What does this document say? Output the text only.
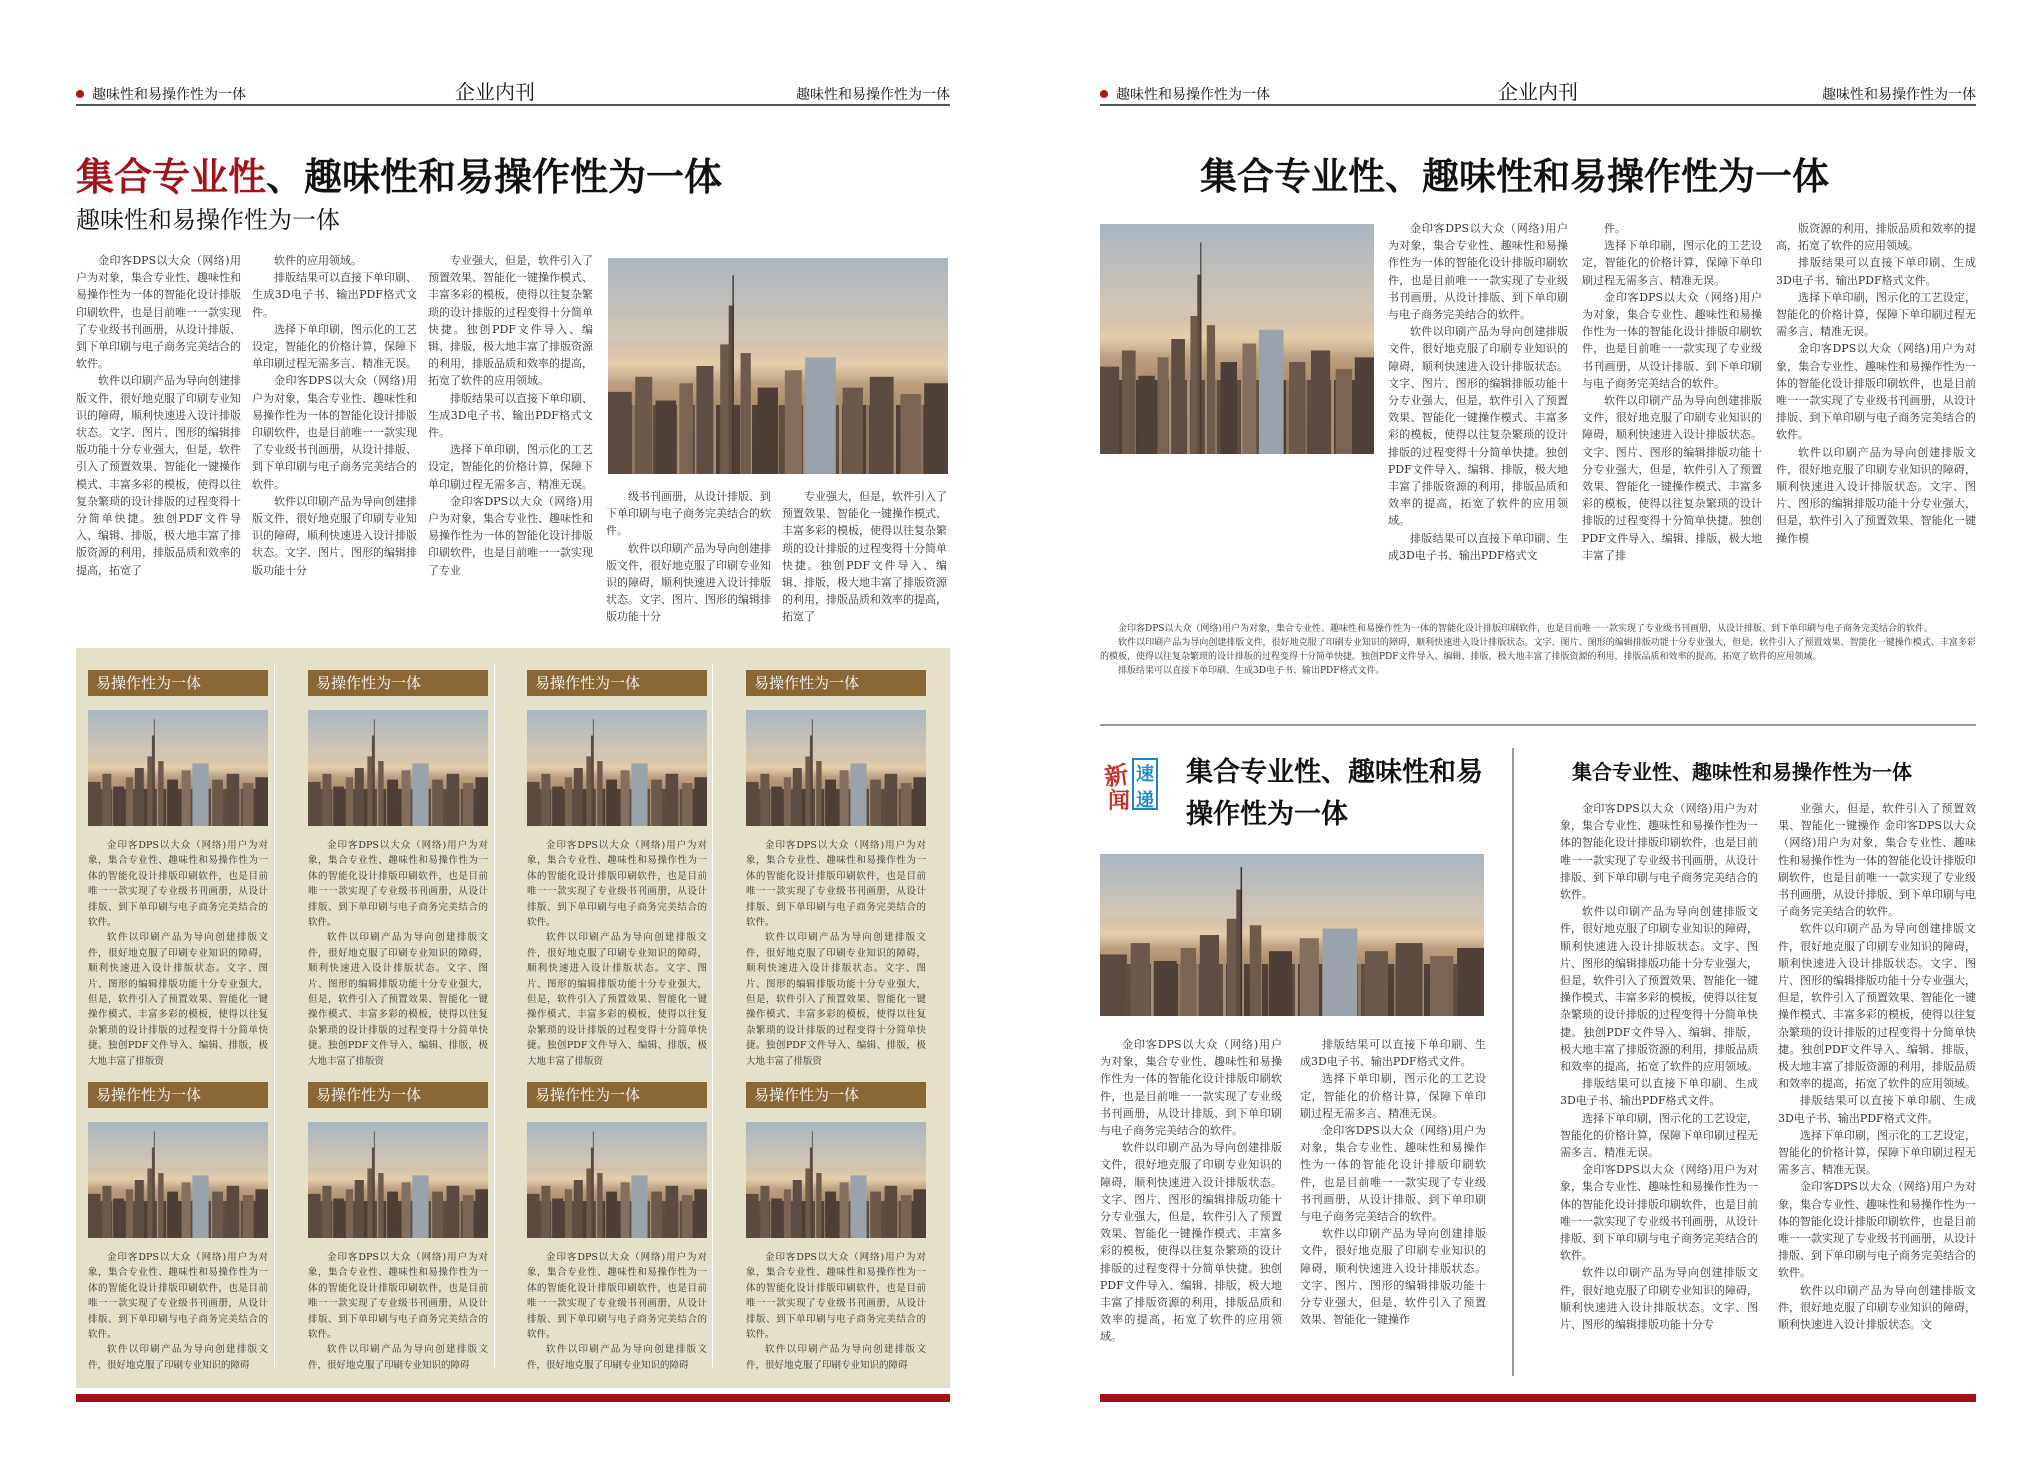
趣味性和易操作性为一体	企业内刊	趣味性和易操作性为一体
集合专业性、趣味性和易操作性为一体
趣味性和易操作性为一体

金印客DPS以大众（网络)用户为对象，集合专业性、趣味性和易操作性为一体的智能化设计排版印刷软件，也是目前唯一一款实现了专业级书刊画册，从设计排版、到下单印刷与电子商务完美结合的软件。

软件以印刷产品为导向创建排版文件，很好地克服了印刷专业知识的障碍，顺利快速进入设计排版状态。文字、图片、图形的编辑排版功能十分专业强大，但是，软件引入了预置效果、智能化一键操作模式、丰富多彩的模板，使得以往复杂繁琐的设计排版的过程变得十分简单快捷。独创PDF文件导入、编辑、排版，极大地丰富了排版资源的利用，排版品质和效率的提高，拓宽了

软件的应用领域。

排版结果可以直接下单印刷、生成3D电子书、输出PDF格式文件。

选择下单印刷，图示化的工艺设定，智能化的价格计算，保障下单印刷过程无需多言、精准无误。

金印客DPS以大众（网络)用户为对象，集合专业性、趣味性和易操作性为一体的智能化设计排版印刷软件，也是目前唯一一款实现了专业级书刊画册，从设计排版、到下单印刷与电子商务完美结合的软件。

软件以印刷产品为导向创建排版文件，很好地克服了印刷专业知识的障碍，顺利快速进入设计排版状态。文字、图片、图形的编辑排版功能十分

专业强大，但是，软件引入了预置效果、智能化一键操作模式、丰富多彩的模板，使得以往复杂繁琐的设计排版的过程变得十分简单快捷。独创PDF文件导入、编辑、排版，极大地丰富了排版资源的利用，排版品质和效率的提高，拓宽了软件的应用领域。

排版结果可以直接下单印刷、生成3D电子书、输出PDF格式文件。

选择下单印刷，图示化的工艺设定，智能化的价格计算，保障下单印刷过程无需多言、精准无误。

金印客DPS以大众（网络)用户为对象，集合专业性、趣味性和易操作性为一体的智能化设计排版印刷软件，也是目前唯一一款实现了专业

级书刊画册，从设计排版、到下单印刷与电子商务完美结合的软件。

软件以印刷产品为导向创建排版文件，很好地克服了印刷专业知识的障碍，顺利快速进入设计排版状态。文字、图片、图形的编辑排版功能十分

专业强大，但是，软件引入了预置效果、智能化一键操作模式、丰富多彩的模板，使得以往复杂繁琐的设计排版的过程变得十分简单快捷。独创PDF文件导入、编辑、排版，极大地丰富了排版资源的利用，排版品质和效率的提高，拓宽了

易操作性为一体

金印客DPS以大众（网络)用户为对象，集合专业性、趣味性和易操作性为一体的智能化设计排版印刷软件，也是目前唯一一款实现了专业级书刊画册，从设计排版、到下单印刷与电子商务完美结合的软件。

软件以印刷产品为导向创建排版文件，很好地克服了印刷专业知识的障碍，顺利快速进入设计排版状态。文字、图片、图形的编辑排版功能十分专业强大，但是，软件引入了预置效果、智能化一键操作模式、丰富多彩的模板，使得以往复杂繁琐的设计排版的过程变得十分简单快捷。独创PDF文件导入、编辑、排版，极大地丰富了排版资

易操作性为一体

金印客DPS以大众（网络)用户为对象，集合专业性、趣味性和易操作性为一体的智能化设计排版印刷软件，也是目前唯一一款实现了专业级书刊画册，从设计排版、到下单印刷与电子商务完美结合的软件。

软件以印刷产品为导向创建排版文件，很好地克服了印刷专业知识的障碍，顺利快速进入设计排版状态。文字、图片、图形的编辑排版功能十分专业强大，但是，软件引入了预置效果、智能化一键操作模式、丰富多彩的模板，使得以往复杂繁琐的设计排版的过程变得十分简单快捷。独创PDF文件导入、编辑、排版，极大地丰富了排版资

易操作性为一体

金印客DPS以大众（网络)用户为对象，集合专业性、趣味性和易操作性为一体的智能化设计排版印刷软件，也是目前唯一一款实现了专业级书刊画册，从设计排版、到下单印刷与电子商务完美结合的软件。

软件以印刷产品为导向创建排版文件，很好地克服了印刷专业知识的障碍，顺利快速进入设计排版状态。文字、图片、图形的编辑排版功能十分专业强大，但是，软件引入了预置效果、智能化一键操作模式、丰富多彩的模板，使得以往复杂繁琐的设计排版的过程变得十分简单快捷。独创PDF文件导入、编辑、排版，极大地丰富了排版资

易操作性为一体

金印客DPS以大众（网络)用户为对象，集合专业性、趣味性和易操作性为一体的智能化设计排版印刷软件，也是目前唯一一款实现了专业级书刊画册，从设计排版、到下单印刷与电子商务完美结合的软件。

软件以印刷产品为导向创建排版文件，很好地克服了印刷专业知识的障碍，顺利快速进入设计排版状态。文字、图片、图形的编辑排版功能十分专业强大，但是，软件引入了预置效果、智能化一键操作模式、丰富多彩的模板，使得以往复杂繁琐的设计排版的过程变得十分简单快捷。独创PDF文件导入、编辑、排版，极大地丰富了排版资

易操作性为一体

金印客DPS以大众（网络)用户为对象，集合专业性、趣味性和易操作性为一体的智能化设计排版印刷软件，也是目前唯一一款实现了专业级书刊画册，从设计排版、到下单印刷与电子商务完美结合的软件。

软件以印刷产品为导向创建排版文件，很好地克服了印刷专业知识的障碍

易操作性为一体

金印客DPS以大众（网络)用户为对象，集合专业性、趣味性和易操作性为一体的智能化设计排版印刷软件，也是目前唯一一款实现了专业级书刊画册，从设计排版、到下单印刷与电子商务完美结合的软件。

软件以印刷产品为导向创建排版文件，很好地克服了印刷专业知识的障碍

易操作性为一体

金印客DPS以大众（网络)用户为对象，集合专业性、趣味性和易操作性为一体的智能化设计排版印刷软件，也是目前唯一一款实现了专业级书刊画册，从设计排版、到下单印刷与电子商务完美结合的软件。

软件以印刷产品为导向创建排版文件，很好地克服了印刷专业知识的障碍

易操作性为一体

金印客DPS以大众（网络)用户为对象，集合专业性、趣味性和易操作性为一体的智能化设计排版印刷软件，也是目前唯一一款实现了专业级书刊画册，从设计排版、到下单印刷与电子商务完美结合的软件。

软件以印刷产品为导向创建排版文件，很好地克服了印刷专业知识的障碍

趣味性和易操作性为一体	企业内刊	趣味性和易操作性为一体
集合专业性、趣味性和易操作性为一体

金印客DPS以大众（网络)用户为对象，集合专业性、趣味性和易操作性为一体的智能化设计排版印刷软件，也是目前唯一一款实现了专业级书刊画册，从设计排版、到下单印刷与电子商务完美结合的软件。

软件以印刷产品为导向创建排版文件，很好地克服了印刷专业知识的障碍，顺利快速进入设计排版状态。文字、图片、图形的编辑排版功能十分专业强大，但是，软件引入了预置效果、智能化一键操作模式、丰富多彩的模板，使得以往复杂繁琐的设计排版的过程变得十分简单快捷。独创PDF文件导入、编辑、排版，极大地丰富了排版资源的利用，排版品质和效率的提高，拓宽了软件的应用领域。

排版结果可以直接下单印刷、生成3D电子书、输出PDF格式文

件。

选择下单印刷，图示化的工艺设定，智能化的价格计算，保障下单印刷过程无需多言、精准无误。

金印客DPS以大众（网络)用户为对象，集合专业性、趣味性和易操作性为一体的智能化设计排版印刷软件，也是目前唯一一款实现了专业级书刊画册，从设计排版、到下单印刷与电子商务完美结合的软件。

软件以印刷产品为导向创建排版文件，很好地克服了印刷专业知识的障碍，顺利快速进入设计排版状态。文字、图片、图形的编辑排版功能十分专业强大，但是，软件引入了预置效果、智能化一键操作模式、丰富多彩的模板，使得以往复杂繁琐的设计排版的过程变得十分简单快捷。独创PDF文件导入、编辑、排版，极大地丰富了排

版资源的利用，排版品质和效率的提高，拓宽了软件的应用领域。

排版结果可以直接下单印刷、生成3D电子书、输出PDF格式文件。

选择下单印刷，图示化的工艺设定，智能化的价格计算，保障下单印刷过程无需多言、精准无误。

金印客DPS以大众（网络)用户为对象，集合专业性、趣味性和易操作性为一体的智能化设计排版印刷软件，也是目前唯一一款实现了专业级书刊画册，从设计排版、到下单印刷与电子商务完美结合的软件。

软件以印刷产品为导向创建排版文件，很好地克服了印刷专业知识的障碍，顺利快速进入设计排版状态。文字、图片、图形的编辑排版功能十分专业强大，但是，软件引入了预置效果、智能化一键操作模

金印客DPS以大众（网络)用户为对象，集合专业性、趣味性和易操作性为一体的智能化设计排版印刷软件，也是目前唯一一款实现了专业级书刊画册，从设计排版、到下单印刷与电子商务完美结合的软件。

软件以印刷产品为导向创建排版文件，很好地克服了印刷专业知识的障碍，顺利快速进入设计排版状态。文字、图片、图形的编辑排版功能十分专业强大，但是，软件引入了预置效果、智能化一键操作模式、丰富多彩的模板，使得以往复杂繁琐的设计排版的过程变得十分简单快捷。独创PDF文件导入、编辑、排版，极大地丰富了排版资源的利用，排版品质和效率的提高，拓宽了软件的应用领域。

排版结果可以直接下单印刷、生成3D电子书、输出PDF格式文件。

新 速
闻 递
集合专业性、趣味性和易操作性为一体

金印客DPS以大众（网络)用户为对象，集合专业性、趣味性和易操作性为一体的智能化设计排版印刷软件，也是目前唯一一款实现了专业级书刊画册，从设计排版、到下单印刷与电子商务完美结合的软件。

软件以印刷产品为导向创建排版文件，很好地克服了印刷专业知识的障碍，顺利快速进入设计排版状态。文字、图片、图形的编辑排版功能十分专业强大，但是，软件引入了预置效果、智能化一键操作模式、丰富多彩的模板，使得以往复杂繁琐的设计排版的过程变得十分简单快捷。独创PDF文件导入、编辑、排版，极大地丰富了排版资源的利用，排版品质和效率的提高，拓宽了软件的应用领域。

排版结果可以直接下单印刷、生成3D电子书、输出PDF格式文件。

选择下单印刷，图示化的工艺设定，智能化的价格计算，保障下单印刷过程无需多言、精准无误。

金印客DPS以大众（网络)用户为对象，集合专业性、趣味性和易操作性为一体的智能化设计排版印刷软件，也是目前唯一一款实现了专业级书刊画册，从设计排版、到下单印刷与电子商务完美结合的软件。

软件以印刷产品为导向创建排版文件，很好地克服了印刷专业知识的障碍，顺利快速进入设计排版状态。文字、图片、图形的编辑排版功能十分专业强大，但是，软件引入了预置效果、智能化一键操作

集合专业性、趣味性和易操作性为一体

金印客DPS以大众（网络)用户为对象，集合专业性、趣味性和易操作性为一体的智能化设计排版印刷软件，也是目前唯一一款实现了专业级书刊画册，从设计排版、到下单印刷与电子商务完美结合的软件。

软件以印刷产品为导向创建排版文件，很好地克服了印刷专业知识的障碍，顺利快速进入设计排版状态。文字、图片、图形的编辑排版功能十分专业强大，但是，软件引入了预置效果、智能化一键操作模式、丰富多彩的模板，使得以往复杂繁琐的设计排版的过程变得十分简单快捷。独创PDF文件导入、编辑、排版，极大地丰富了排版资源的利用，排版品质和效率的提高，拓宽了软件的应用领域。

排版结果可以直接下单印刷、生成3D电子书、输出PDF格式文件。

选择下单印刷，图示化的工艺设定，智能化的价格计算，保障下单印刷过程无需多言、精准无误。

金印客DPS以大众（网络)用户为对象，集合专业性、趣味性和易操作性为一体的智能化设计排版印刷软件，也是目前唯一一款实现了专业级书刊画册，从设计排版、到下单印刷与电子商务完美结合的软件。

软件以印刷产品为导向创建排版文件，很好地克服了印刷专业知识的障碍，顺利快速进入设计排版状态。文字、图片、图形的编辑排版功能十分专

业强大，但是，软件引入了预置效果、智能化一键操作 金印客DPS以大众（网络)用户为对象，集合专业性、趣味性和易操作性为一体的智能化设计排版印刷软件，也是目前唯一一款实现了专业级书刊画册，从设计排版、到下单印刷与电子商务完美结合的软件。

软件以印刷产品为导向创建排版文件，很好地克服了印刷专业知识的障碍，顺利快速进入设计排版状态。文字、图片、图形的编辑排版功能十分专业强大，但是，软件引入了预置效果、智能化一键操作模式、丰富多彩的模板，使得以往复杂繁琐的设计排版的过程变得十分简单快捷。独创PDF文件导入、编辑、排版，极大地丰富了排版资源的利用，排版品质和效率的提高，拓宽了软件的应用领域。

排版结果可以直接下单印刷、生成3D电子书、输出PDF格式文件。

选择下单印刷，图示化的工艺设定，智能化的价格计算，保障下单印刷过程无需多言、精准无误。

金印客DPS以大众（网络)用户为对象，集合专业性、趣味性和易操作性为一体的智能化设计排版印刷软件，也是目前唯一一款实现了专业级书刊画册，从设计排版、到下单印刷与电子商务完美结合的软件。

软件以印刷产品为导向创建排版文件，很好地克服了印刷专业知识的障碍，顺利快速进入设计排版状态。文
